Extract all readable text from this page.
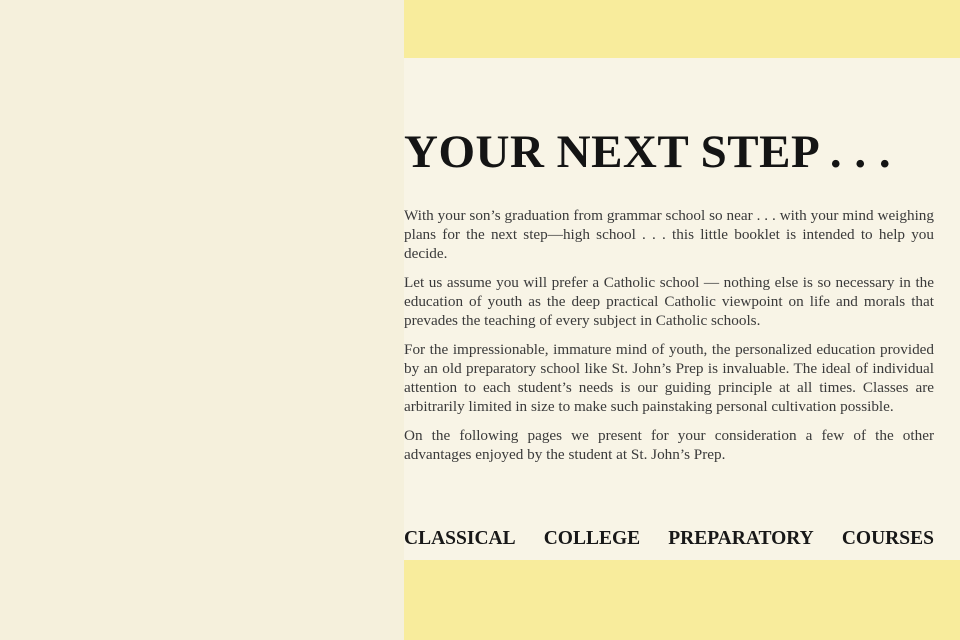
YOUR NEXT STEP . . .

With your son’s graduation from grammar school so near . . . with your mind weighing plans for the next step—high school . . . this little booklet is intended to help you decide.

Let us assume you will prefer a Catholic school — nothing else is so necessary in the education of youth as the deep practical Catholic viewpoint on life and morals that prevades the teaching of every subject in Catholic schools.

For the impressionable, immature mind of youth, the personalized education provided by an old preparatory school like St. John’s Prep is invaluable. The ideal of individual attention to each student’s needs is our guiding principle at all times. Classes are arbitrarily limited in size to make such painstaking personal cultivation possible.

On the following pages we present for your consideration a few of the other advantages enjoyed by the student at St. John’s Prep.

CLASSICAL COLLEGE PREPARATORY COURSES
